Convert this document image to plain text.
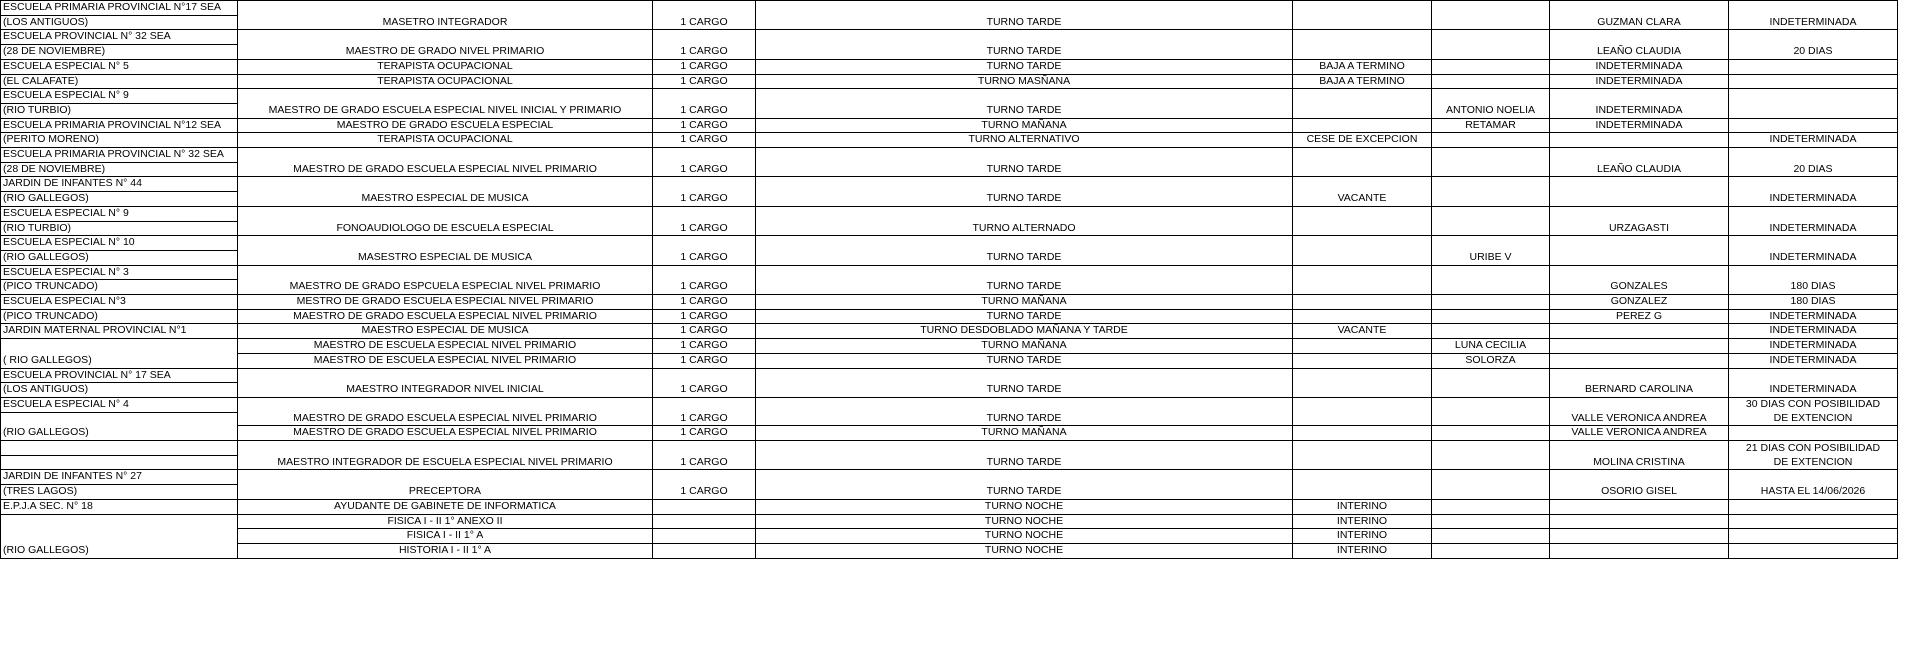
ESCUELA PRIMARIA PROVINCIAL N°17 SEA	MASETRO INTEGRADOR	1 CARGO	TURNO TARDE			GUZMAN CLARA	INDETERMINADA
(LOS ANTIGUOS)							
ESCUELA PROVINCIAL N° 32 SEA	MAESTRO DE GRADO NIVEL PRIMARIO	1 CARGO	TURNO TARDE			LEAÑO CLAUDIA	20 DIAS
(28 DE NOVIEMBRE)							
ESCUELA ESPECIAL N° 5	TERAPISTA OCUPACIONAL	1 CARGO	TURNO TARDE	BAJA A TERMINO		INDETERMINADA	
(EL CALAFATE)							
	TERAPISTA OCUPACIONAL	1 CARGO	TURNO MASÑANA	BAJA A TERMINO		INDETERMINADA	
ESCUELA ESPECIAL N° 9	MAESTRO DE GRADO ESCUELA ESPECIAL NIVEL INICIAL Y PRIMARIO	1 CARGO	TURNO TARDE		ANTONIO NOELIA	INDETERMINADA	
(RIO TURBIO)							
ESCUELA PRIMARIA PROVINCIAL N°12 SEA	MAESTRO DE GRADO ESCUELA ESPECIAL	1 CARGO	TURNO MAÑANA		RETAMAR	INDETERMINADA	
(PERITO MORENO)							
	TERAPISTA OCUPACIONAL	1 CARGO	TURNO ALTERNATIVO	CESE DE EXCEPCION			INDETERMINADA
ESCUELA PRIMARIA PROVINCIAL N° 32 SEA	MAESTRO DE GRADO ESCUELA ESPECIAL NIVEL PRIMARIO	1 CARGO	TURNO TARDE			LEAÑO CLAUDIA	20 DIAS
(28 DE NOVIEMBRE)							
JARDIN DE INFANTES N° 44	MAESTRO ESPECIAL DE MUSICA	1 CARGO	TURNO TARDE	VACANTE			INDETERMINADA
(RIO GALLEGOS)							
ESCUELA ESPECIAL N° 9	FONOAUDIOLOGO DE ESCUELA ESPECIAL	1 CARGO	TURNO ALTERNADO			URZAGASTI	INDETERMINADA
(RIO TURBIO)							
ESCUELA ESPECIAL N° 10	MASESTRO ESPECIAL DE MUSICA	1 CARGO	TURNO TARDE		URIBE V		INDETERMINADA
(RIO GALLEGOS)							
ESCUELA ESPECIAL N° 3	MAESTRO DE GRADO ESPCUELA ESPECIAL NIVEL PRIMARIO	1 CARGO	TURNO TARDE			GONZALES	180 DIAS
(PICO TRUNCADO)							
ESCUELA ESPECIAL N°3	MESTRO DE GRADO ESCUELA ESPECIAL NIVEL PRIMARIO	1 CARGO	TURNO MAÑANA			GONZALEZ	180 DIAS
(PICO TRUNCADO)							
	MAESTRO DE GRADO ESCUELA ESPECIAL NIVEL PRIMARIO	1 CARGO	TURNO TARDE			PEREZ G	INDETERMINADA
JARDIN MATERNAL PROVINCIAL N°1	MAESTRO ESPECIAL DE MUSICA	1 CARGO	TURNO DESDOBLADO MAÑANA Y TARDE	VACANTE			INDETERMINADA
( RIO GALLEGOS)							
	MAESTRO DE ESCUELA ESPECIAL NIVEL PRIMARIO	1 CARGO	TURNO MAÑANA		LUNA CECILIA		INDETERMINADA
	MAESTRO DE ESCUELA ESPECIAL NIVEL PRIMARIO	1 CARGO	TURNO TARDE		SOLORZA		INDETERMINADA
ESCUELA PROVINCIAL N° 17 SEA	MAESTRO INTEGRADOR NIVEL INICIAL	1 CARGO	TURNO TARDE			BERNARD CAROLINA	INDETERMINADA
(LOS ANTIGUOS)							
ESCUELA ESPECIAL N° 4	MAESTRO DE GRADO ESCUELA ESPECIAL NIVEL PRIMARIO	1 CARGO	TURNO TARDE			VALLE VERONICA ANDREA	30 DIAS CON POSIBILIDAD
DE EXTENCION

(RIO GALLEGOS)							
	MAESTRO DE GRADO ESCUELA ESPECIAL NIVEL PRIMARIO	1 CARGO	TURNO MAÑANA			VALLE VERONICA ANDREA	
	MAESTRO INTEGRADOR DE ESCUELA ESPECIAL NIVEL PRIMARIO	1 CARGO	TURNO TARDE			MOLINA CRISTINA	21 DIAS CON POSIBILIDAD
DE EXTENCION

JARDIN DE INFANTES N° 27	PRECEPTORA	1 CARGO	TURNO TARDE			OSORIO GISEL	HASTA EL 14/06/2026
(TRES LAGOS)							
E.P.J.A SEC. N° 18	AYUDANTE DE GABINETE DE INFORMATICA		TURNO NOCHE	INTERINO			
(RIO GALLEGOS)							
	FISICA I - II 1° ANEXO II		TURNO NOCHE	INTERINO			
	FISICA I - II 1° A		TURNO NOCHE	INTERINO			
	HISTORIA I - II 1° A		TURNO NOCHE	INTERINO			
